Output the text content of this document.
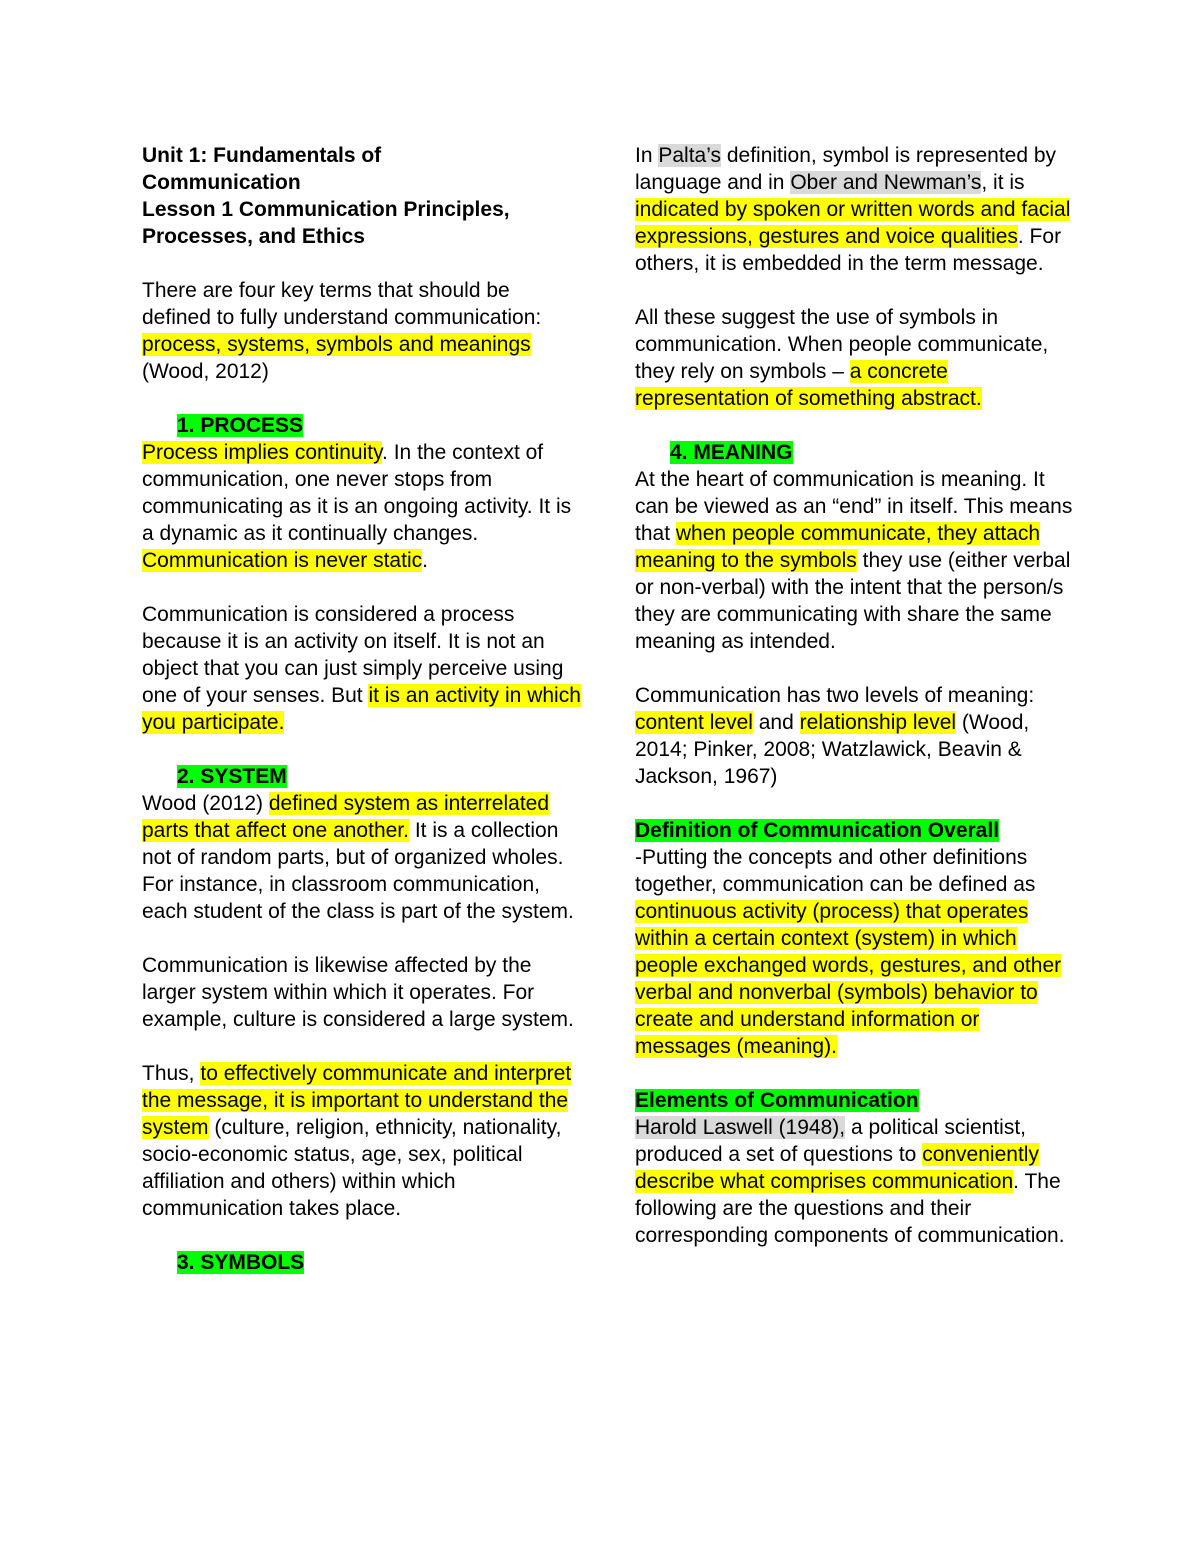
Unit 1: Fundamentals of
Communication
Lesson 1 Communication Principles,
Processes, and Ethics

There are four key terms that should be defined to fully understand communication: process, systems, symbols and meanings (Wood, 2012)

1. PROCESS

Process implies continuity. In the context of communication, one never stops from communicating as it is an ongoing activity. It is a dynamic as it continually changes. Communication is never static.

Communication is considered a process because it is an activity on itself. It is not an object that you can just simply perceive using one of your senses. But it is an activity in which you participate.

2. SYSTEM

Wood (2012) defined system as interrelated parts that affect one another. It is a collection not of random parts, but of organized wholes. For instance, in classroom communication, each student of the class is part of the system.

Communication is likewise affected by the larger system within which it operates. For example, culture is considered a large system.

Thus, to effectively communicate and interpret the message, it is important to understand the system (culture, religion, ethnicity, nationality, socio-economic status, age, sex, political affiliation and others) within which communication takes place.

3. SYMBOLS

In Palta’s definition, symbol is represented by language and in Ober and Newman’s, it is indicated by spoken or written words and facial expressions, gestures and voice qualities. For others, it is embedded in the term message.

All these suggest the use of symbols in communication. When people communicate, they rely on symbols – a concrete representation of something abstract.

4. MEANING

At the heart of communication is meaning. It can be viewed as an “end” in itself. This means that when people communicate, they attach meaning to the symbols they use (either verbal or non-verbal) with the intent that the person/s they are communicating with share the same meaning as intended.

Communication has two levels of meaning: content level and relationship level (Wood, 2014; Pinker, 2008; Watzlawick, Beavin & Jackson, 1967)

Definition of Communication Overall

-Putting the concepts and other definitions together, communication can be defined as continuous activity (process) that operates within a certain context (system) in which people exchanged words, gestures, and other verbal and nonverbal (symbols) behavior to create and understand information or messages (meaning).

Elements of Communication

Harold Laswell (1948), a political scientist, produced a set of questions to conveniently describe what comprises communication. The following are the questions and their corresponding components of communication.
